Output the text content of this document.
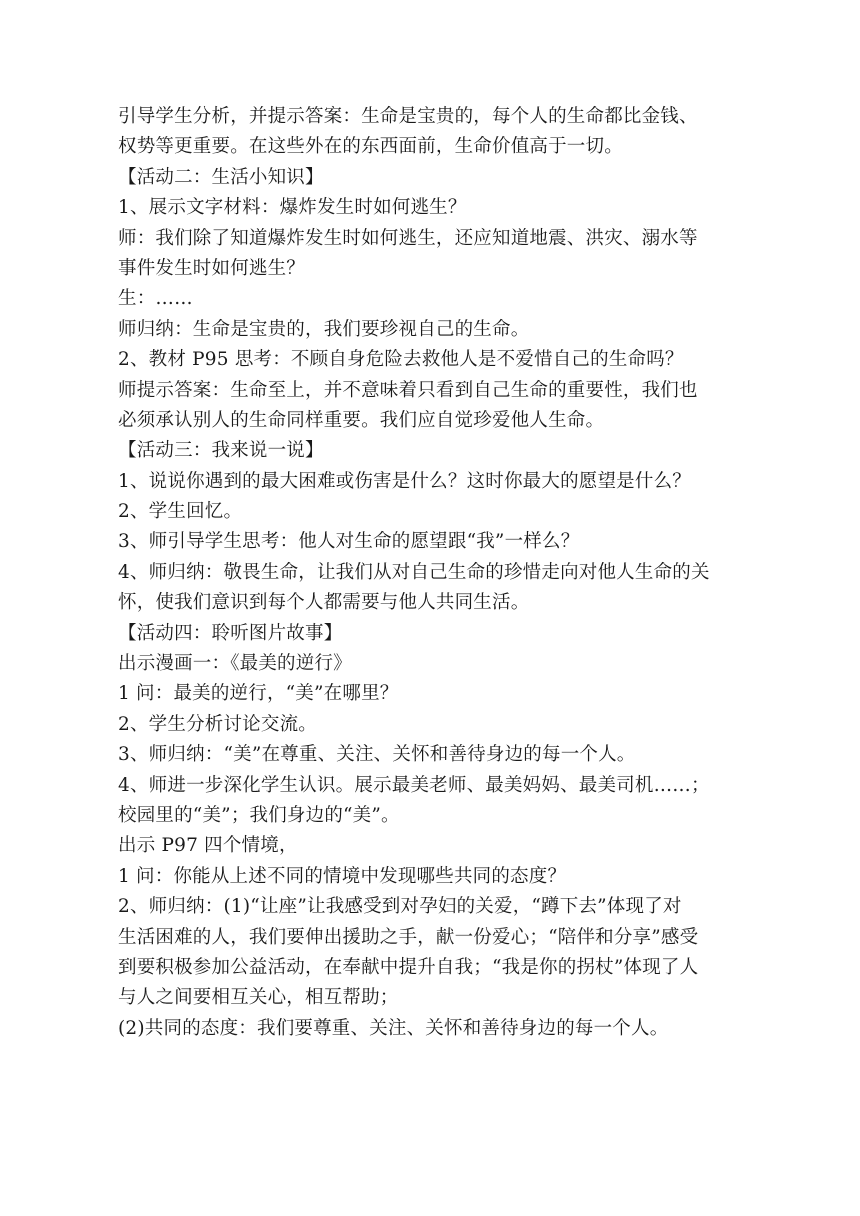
引导学生分析，并提示答案：生命是宝贵的，每个人的生命都比金钱、
权势等更重要。在这些外在的东西面前，生命价值高于一切。
【活动二：生活小知识】
1、展示文字材料：爆炸发生时如何逃生？
师：我们除了知道爆炸发生时如何逃生，还应知道地震、洪灾、溺水等
事件发生时如何逃生？
生：……
师归纳：生命是宝贵的，我们要珍视自己的生命。
2、教材 P95 思考：不顾自身危险去救他人是不爱惜自己的生命吗？
师提示答案：生命至上，并不意味着只看到自己生命的重要性，我们也
必须承认别人的生命同样重要。我们应自觉珍爱他人生命。
【活动三：我来说一说】
1、说说你遇到的最大困难或伤害是什么？这时你最大的愿望是什么？
2、学生回忆。
3、师引导学生思考：他人对生命的愿望跟“我”一样么？
4、师归纳：敬畏生命，让我们从对自己生命的珍惜走向对他人生命的关
怀，使我们意识到每个人都需要与他人共同生活。
【活动四：聆听图片故事】
出示漫画一：《最美的逆行》
1 问：最美的逆行，“美”在哪里？
2、学生分析讨论交流。
3、师归纳：“美”在尊重、关注、关怀和善待身边的每一个人。
4、师进一步深化学生认识。展示最美老师、最美妈妈、最美司机……；
校园里的“美”；我们身边的“美”。
出示 P97 四个情境，
1 问：你能从上述不同的情境中发现哪些共同的态度？
2、师归纳：(1)“让座”让我感受到对孕妇的关爱，“蹲下去”体现了对
生活困难的人，我们要伸出援助之手，献一份爱心；“陪伴和分享”感受
到要积极参加公益活动，在奉献中提升自我；“我是你的拐杖”体现了人
与人之间要相互关心，相互帮助；
(2)共同的态度：我们要尊重、关注、关怀和善待身边的每一个人。
